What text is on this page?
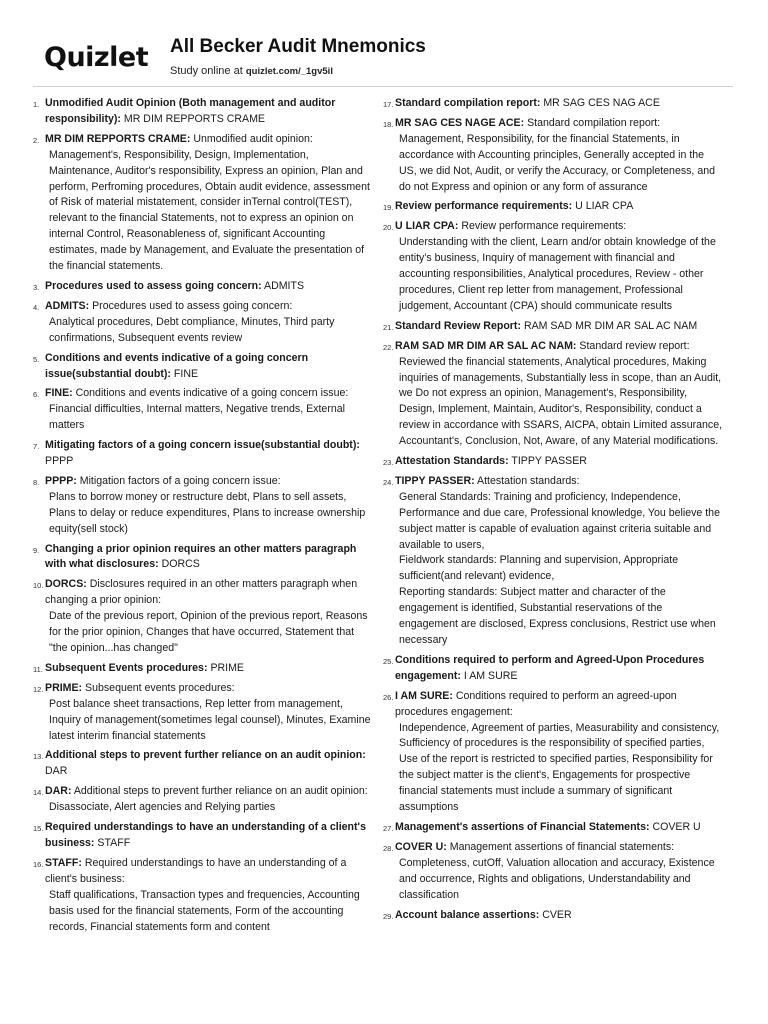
Quizlet All Becker Audit Mnemonics
Study online at quizlet.com/_1gv5il
1. Unmodified Audit Opinion (Both management and auditor responsibility): MR DIM REPPORTS CRAME
2. MR DIM REPPORTS CRAME: Unmodified audit opinion:
Management's, Responsibility, Design, Implementation, Maintenance, Auditor's responsibility, Express an opinion, Plan and perform, Perfroming procedures, Obtain audit evidence, assessment of Risk of material mistatement, consider inTernal control(TEST), relevant to the financial Statements, not to express an opinion on internal Control, Reasonableness of, significant Accounting estimates, made by Management, and Evaluate the presentation of the financial statements.
3. Procedures used to assess going concern: ADMITS
4. ADMITS: Procedures used to assess going concern:
Analytical procedures, Debt compliance, Minutes, Third party confirmations, Subsequent events review
5. Conditions and events indicative of a going concern issue(substantial doubt): FINE
6. FINE: Conditions and events indicative of a going concern issue:
Financial difficulties, Internal matters, Negative trends, External matters
7. Mitigating factors of a going concern issue(substantial doubt): PPPP
8. PPPP: Mitigation factors of a going concern issue:
Plans to borrow money or restructure debt, Plans to sell assets, Plans to delay or reduce expenditures, Plans to increase ownership equity(sell stock)
9. Changing a prior opinion requires an other matters paragraph with what disclosures: DORCS
10. DORCS: Disclosures required in an other matters paragraph when changing a prior opinion:
Date of the previous report, Opinion of the previous report, Reasons for the prior opinion, Changes that have occurred, Statement that "the opinion...has changed"
11. Subsequent Events procedures: PRIME
12. PRIME: Subsequent events procedures:
Post balance sheet transactions, Rep letter from management, Inquiry of management(sometimes legal counsel), Minutes, Examine latest interim financial statements
13. Additional steps to prevent further reliance on an audit opinion: DAR
14. DAR: Additional steps to prevent further reliance on an audit opinion:
Disassociate, Alert agencies and Relying parties
15. Required understandings to have an understanding of a client's business: STAFF
16. STAFF: Required understandings to have an understanding of a client's business:
Staff qualifications, Transaction types and frequencies, Accounting basis used for the financial statements, Form of the accounting records, Financial statements form and content
17. Standard compilation report: MR SAG CES NAG ACE
18. MR SAG CES NAGE ACE: Standard compilation report:
Management, Responsibility, for the financial Statements, in accordance with Accounting principles, Generally accepted in the US, we did Not, Audit, or verify the Accuracy, or Completeness, and do not Express and opinion or any form of assurance
19. Review performance requirements: U LIAR CPA
20. U LIAR CPA: Review performance requirements:
Understanding with the client, Learn and/or obtain knowledge of the entity's business, Inquiry of management with financial and accounting responsibilities, Analytical procedures, Review - other procedures, Client rep letter from management, Professional judgement, Accountant (CPA) should communicate results
21. Standard Review Report: RAM SAD MR DIM AR SAL AC NAM
22. RAM SAD MR DIM AR SAL AC NAM: Standard review report:
Reviewed the financial statements, Analytical procedures, Making inquiries of managements, Substantially less in scope, than an Audit, we Do not express an opinion, Management's, Responsibility, Design, Implement, Maintain, Auditor's, Responsibility, conduct a review in accordance with SSARS, AICPA, obtain Limited assurance, Accountant's, Conclusion, Not, Aware, of any Material modifications.
23. Attestation Standards: TIPPY PASSER
24. TIPPY PASSER: Attestation standards:
General Standards: Training and proficiency, Independence, Performance and due care, Professional knowledge, You believe the subject matter is capable of evaluation against criteria suitable and available to users,
Fieldwork standards: Planning and supervision, Appropriate sufficient(and relevant) evidence,
Reporting standards: Subject matter and character of the engagement is identified, Substantial reservations of the engagement are disclosed, Express conclusions, Restrict use when necessary
25. Conditions required to perform and Agreed-Upon Procedures engagement: I AM SURE
26. I AM SURE: Conditions required to perform an agreed-upon procedures engagement:
Independence, Agreement of parties, Measurability and consistency, Sufficiency of procedures is the responsibility of specified parties, Use of the report is restricted to specified parties, Responsibility for the subject matter is the client's, Engagements for prospective financial statements must include a summary of significant assumptions
27. Management's assertions of Financial Statements: COVER U
28. COVER U: Management assertions of financial statements:
Completeness, cutOff, Valuation allocation and accuracy, Existence and occurrence, Rights and obligations, Understandability and classification
29. Account balance assertions: CVER
